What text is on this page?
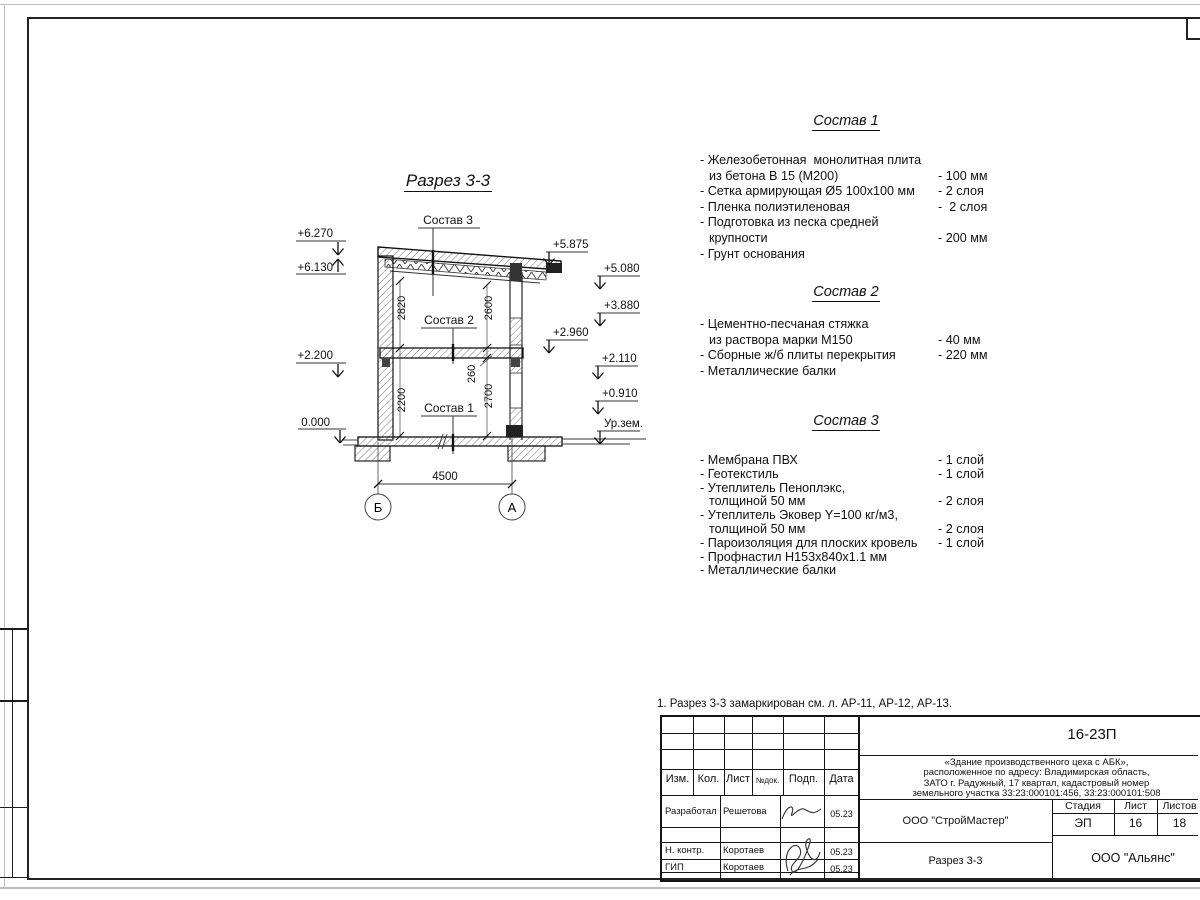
Разрез 3-3
2820	2600
2200
260
2700
Состав 3
Состав 2
Состав 1
4500
Б	А
+6.270
+6.130
+2.200
0.000
+5.875
+5.080
+3.880
+2.960
+2.110
+0.910
Ур.зем.
Состав 1
- Железобетонная  монолитная плита
из бетона В 15 (М200)	- 100 мм
- Сетка армирующая Ø5 100х100 мм	- 2 слоя
- Пленка полиэтиленовая	-  2 слоя
- Подготовка из песка средней
крупности	- 200 мм
- Грунт основания
Состав 2
- Цементно-песчаная стяжка
из раствора марки М150	- 40 мм
- Сборные ж/б плиты перекрытия	- 220 мм
- Металлические балки
Состав 3
- Мембрана ПВХ	- 1 слой
- Геотекстиль	- 1 слой
- Утеплитель Пеноплэкс,
толщиной 50 мм	- 2 слоя
- Утеплитель Эковер Y=100 кг/м3,
толщиной 50 мм	- 2 слоя
- Пароизоляция для плоских кровель	- 1 слой
- Профнастил Н153х840х1.1 мм
- Металлические балки
1. Разрез 3-3 замаркирован см. л. АР-11, АР-12, АР-13.
Изм. Кол. Лист №док. Подп.	Дата
Разработал Решетова	05.23
Н. контр. Коротаев	05.23
ГИП	Коротаев	05.23
16-23П
«Здание производственного цеха с АБК»,
расположенное по адресу: Владимирская область,
ЗАТО г. Радужный, 17 квартал, кадастровый номер
земельного участка 33:23:000101:456, 33:23:000101:508
ООО "СтройМастер"
Разрез 3-3
Стадия	Лист	Листов
ЭП	16	18
ООО "Альянс"
